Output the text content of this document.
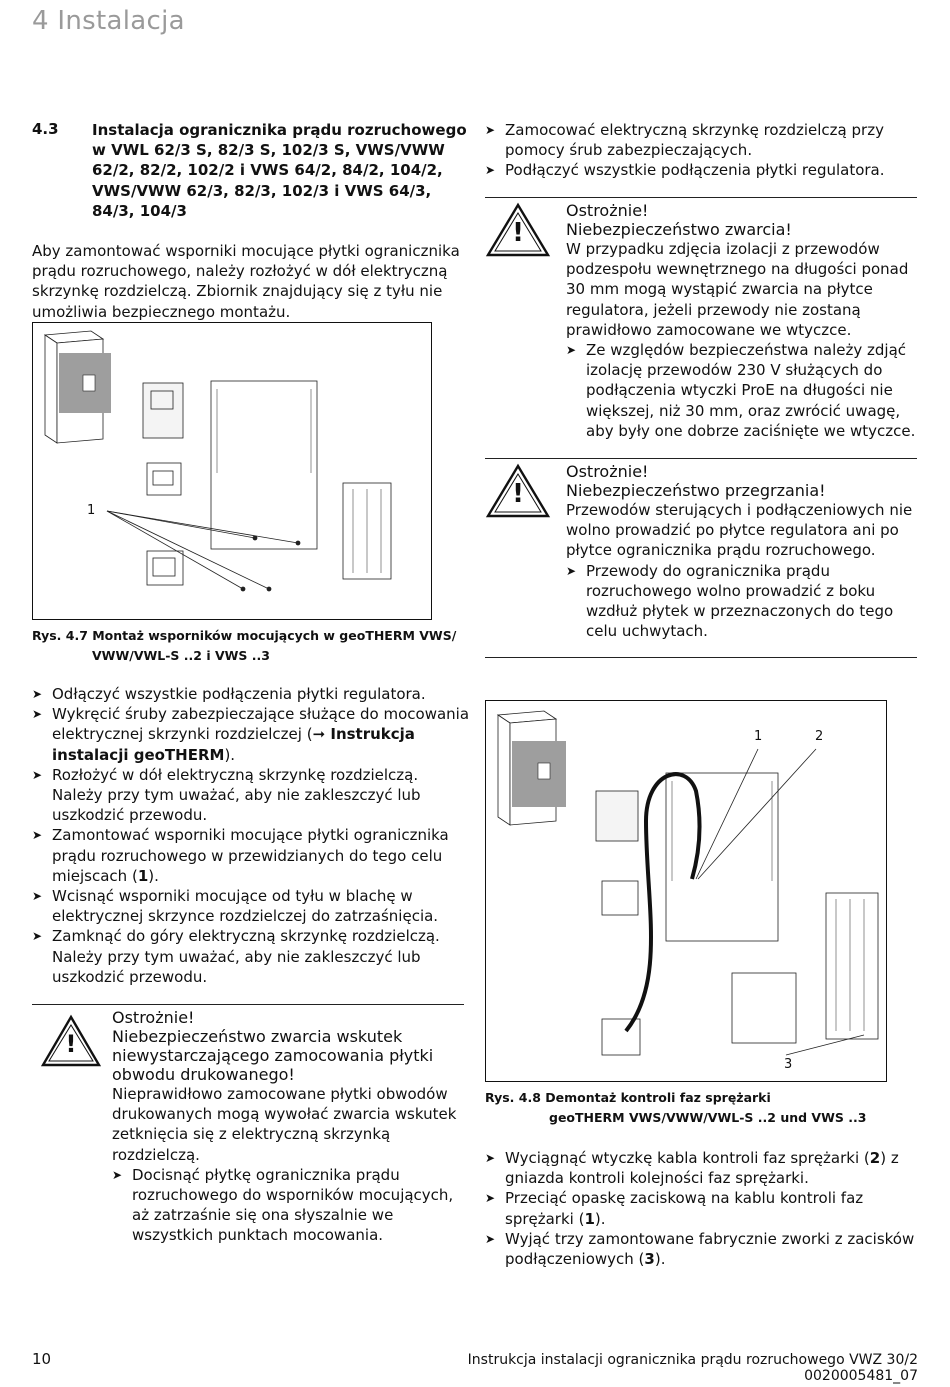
4 Instalacja
4.3 Instalacja ogranicznika prądu rozruchowego w VWL 62/3 S, 82/3 S, 102/3 S, VWS/VWW 62/2, 82/2, 102/2 i VWS 64/2, 84/2, 104/2, VWS/VWW 62/3, 82/3, 102/3 i VWS 64/3, 84/3, 104/3
Aby zamontować wsporniki mocujące płytki ogranicznika prądu rozruchowego, należy rozłożyć w dół elektryczną skrzynkę rozdzielczą. Zbiornik znajdujący się z tyłu nie umożliwia bezpiecznego montażu.
1
Rys. 4.7 Montaż wsporników mocujących w geoTHERM VWS/
VWW/VWL-S ..2 i VWS ..3
➤ Odłączyć wszystkie podłączenia płytki regulatora.
➤ Wykręcić śruby zabezpieczające służące do mocowania elektrycznej skrzynki rozdzielczej (➞ Instrukcja instalacji geoTHERM).
➤ Rozłożyć w dół elektryczną skrzynkę rozdzielczą. Należy przy tym uważać, aby nie zakleszczyć lub uszkodzić przewodu.
➤ Zamontować wsporniki mocujące płytki ogranicznika prądu rozruchowego w przewidzianych do tego celu miejscach (1).
➤ Wcisnąć wsporniki mocujące od tyłu w blachę w elektrycznej skrzynce rozdzielczej do zatrzaśnięcia.
➤ Zamknąć do góry elektryczną skrzynkę rozdzielczą. Należy przy tym uważać, aby nie zakleszczyć lub uszkodzić przewodu.
!
Ostrożnie!
Niebezpieczeństwo zwarcia wskutek niewystarczającego zamocowania płytki obwodu drukowanego!
Nieprawidłowo zamocowane płytki obwodów drukowanych mogą wywołać zwarcia wskutek zetknięcia się z elektryczną skrzynką rozdzielczą.
➤ Docisnąć płytkę ogranicznika prądu rozruchowego do wsporników mocujących, aż zatrzaśnie się ona słyszalnie we wszystkich punktach mocowania.
➤ Zamocować elektryczną skrzynkę rozdzielczą przy pomocy śrub zabezpieczających.
➤ Podłączyć wszystkie podłączenia płytki regulatora.
!
Ostrożnie!
Niebezpieczeństwo zwarcia!
W przypadku zdjęcia izolacji z przewodów podzespołu wewnętrznego na długości ponad 30 mm mogą wystąpić zwarcia na płytce regulatora, jeżeli przewody nie zostaną prawidłowo zamocowane we wtyczce.
➤ Ze względów bezpieczeństwa należy zdjąć izolację przewodów 230 V służących do podłączenia wtyczki ProE na długości nie większej, niż 30 mm, oraz zwrócić uwagę, aby były one dobrze zaciśnięte we wtyczce.
!
Ostrożnie!
Niebezpieczeństwo przegrzania!
Przewodów sterujących i podłączeniowych nie wolno prowadzić po płytce regulatora ani po płytce ogranicznika prądu rozruchowego.
➤ Przewody do ogranicznika prądu rozruchowego wolno prowadzić z boku wzdłuż płytek w przeznaczonych do tego celu uchwytach.
1	2
3
Rys. 4.8 Demontaż kontroli faz sprężarki
geoTHERM VWS/VWW/VWL-S ..2 und VWS ..3
➤ Wyciągnąć wtyczkę kabla kontroli faz sprężarki (2) z gniazda kontroli kolejności faz sprężarki.
➤ Przeciąć opaskę zaciskową na kablu kontroli faz sprężarki (1).
➤ Wyjąć trzy zamontowane fabrycznie zworki z zacisków podłączeniowych (3).
10	Instrukcja instalacji ogranicznika prądu rozruchowego VWZ 30/2 0020005481_07
